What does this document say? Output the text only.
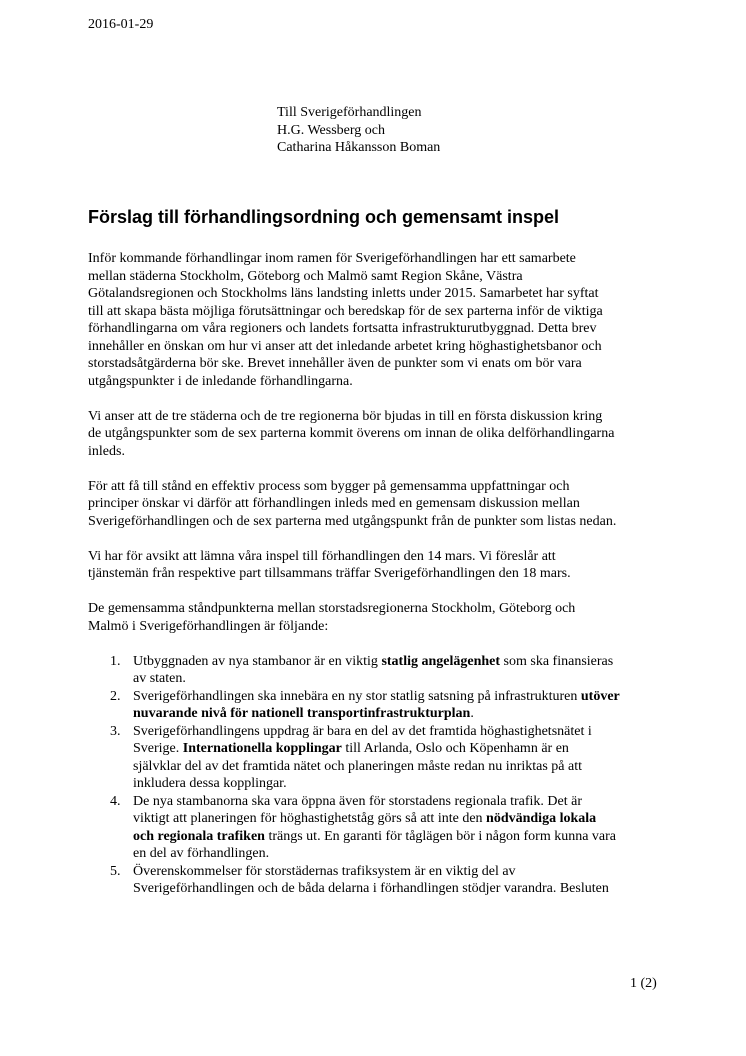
2016-01-29
Till Sverigeförhandlingen
H.G. Wessberg och
Catharina Håkansson Boman
Förslag till förhandlingsordning och gemensamt inspel

Inför kommande förhandlingar inom ramen för Sverigeförhandlingen har ett samarbete
mellan städerna Stockholm, Göteborg och Malmö samt Region Skåne, Västra
Götalandsregionen och Stockholms läns landsting inletts under 2015. Samarbetet har syftat
till att skapa bästa möjliga förutsättningar och beredskap för de sex parterna inför de viktiga
förhandlingarna om våra regioners och landets fortsatta infrastrukturutbyggnad. Detta brev
innehåller en önskan om hur vi anser att det inledande arbetet kring höghastighetsbanor och
storstadsåtgärderna bör ske. Brevet innehåller även de punkter som vi enats om bör vara
utgångspunkter i de inledande förhandlingarna.

Vi anser att de tre städerna och de tre regionerna bör bjudas in till en första diskussion kring
de utgångspunkter som de sex parterna kommit överens om innan de olika delförhandlingarna
inleds.

För att få till stånd en effektiv process som bygger på gemensamma uppfattningar och
principer önskar vi därför att förhandlingen inleds med en gemensam diskussion mellan
Sverigeförhandlingen och de sex parterna med utgångspunkt från de punkter som listas nedan.

Vi har för avsikt att lämna våra inspel till förhandlingen den 14 mars. Vi föreslår att
tjänstemän från respektive part tillsammans träffar Sverigeförhandlingen den 18 mars.

De gemensamma ståndpunkterna mellan storstadsregionerna Stockholm, Göteborg och
Malmö i Sverigeförhandlingen är följande:

1. Utbyggnaden av nya stambanor är en viktig statlig angelägenhet som ska finansieras
av staten.
2. Sverigeförhandlingen ska innebära en ny stor statlig satsning på infrastrukturen utöver
nuvarande nivå för nationell transportinfrastrukturplan.
3. Sverigeförhandlingens uppdrag är bara en del av det framtida höghastighetsnätet i
Sverige. Internationella kopplingar till Arlanda, Oslo och Köpenhamn är en
självklar del av det framtida nätet och planeringen måste redan nu inriktas på att
inkludera dessa kopplingar.
4. De nya stambanorna ska vara öppna även för storstadens regionala trafik. Det är
viktigt att planeringen för höghastighetståg görs så att inte den nödvändiga lokala
och regionala trafiken trängs ut. En garanti för tåglägen bör i någon form kunna vara
en del av förhandlingen.
5. Överenskommelser för storstädernas trafiksystem är en viktig del av
Sverigeförhandlingen och de båda delarna i förhandlingen stödjer varandra. Besluten
1 (2)
